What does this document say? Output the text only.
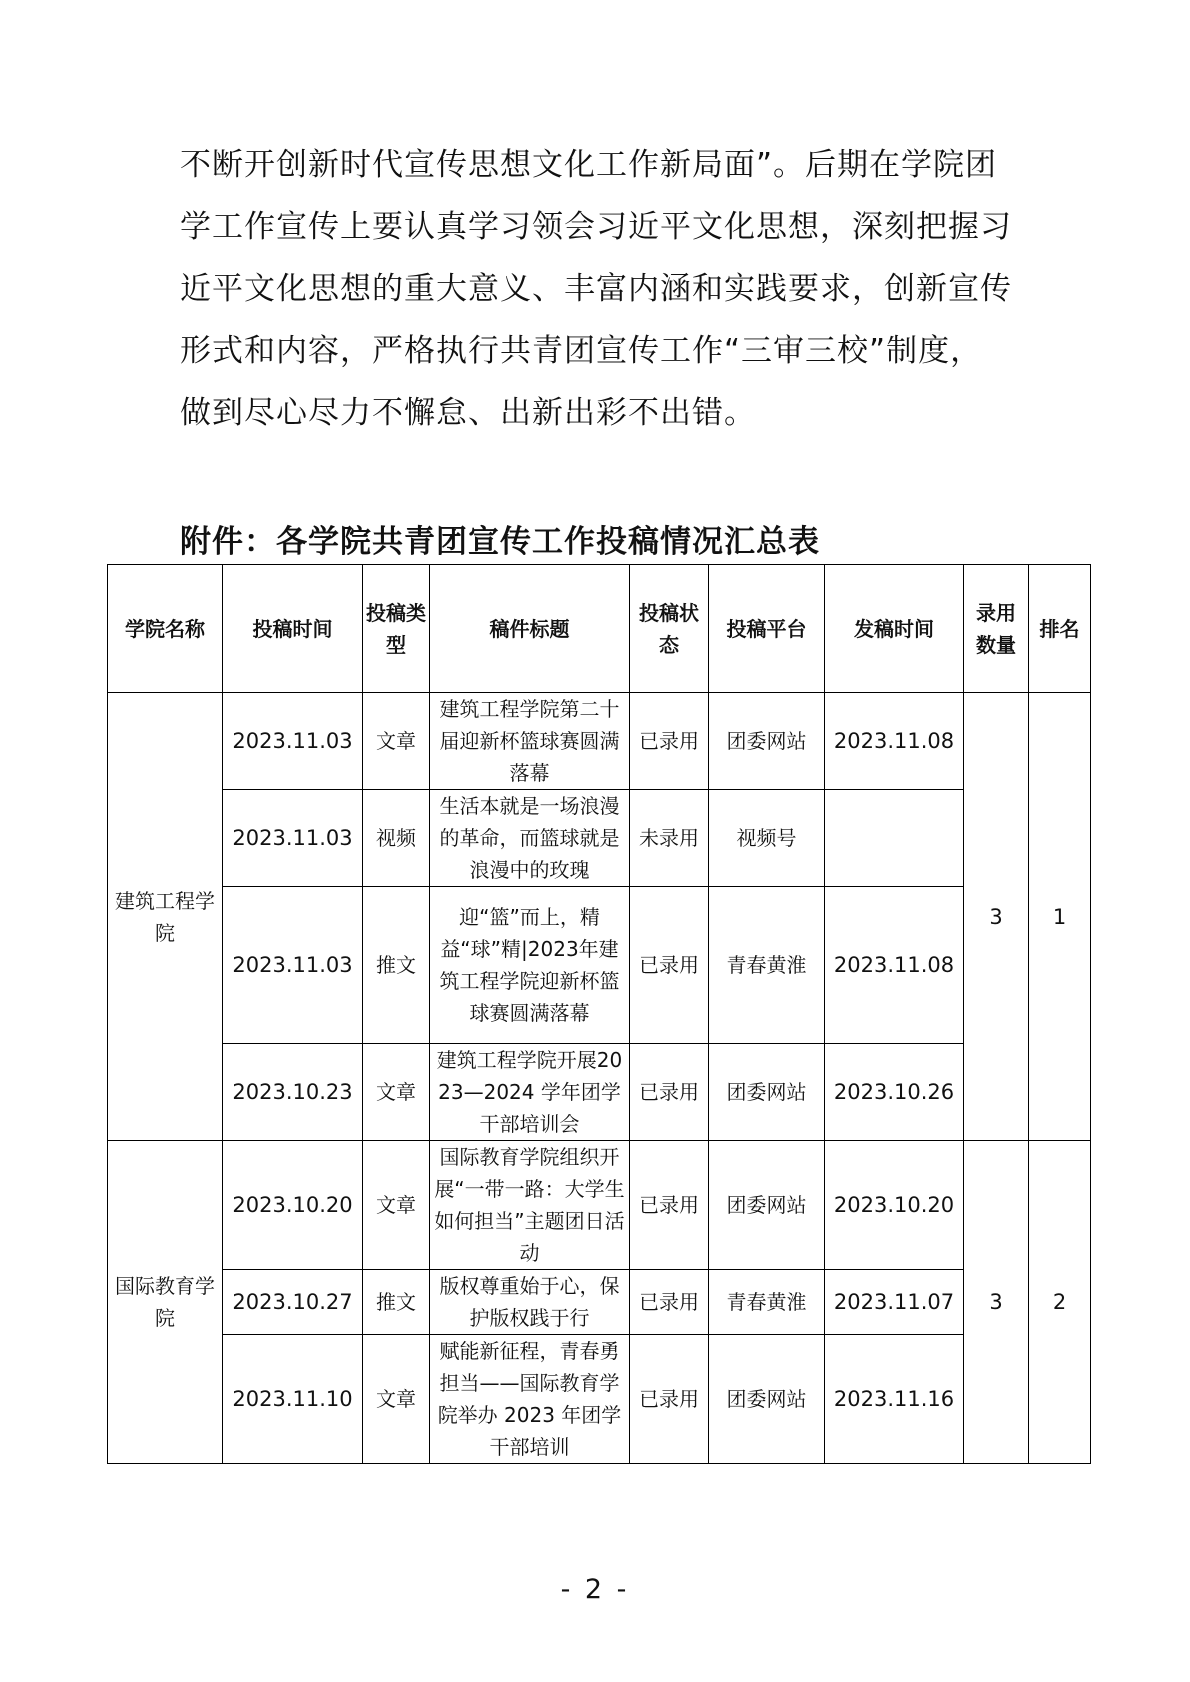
不断开创新时代宣传思想文化工作新局面”。后期在学院团
学工作宣传上要认真学习领会习近平文化思想，深刻把握习
近平文化思想的重大意义、丰富内涵和实践要求，创新宣传
形式和内容，严格执行共青团宣传工作“三审三校”制度，
做到尽心尽力不懈怠、出新出彩不出错。
附件：各学院共青团宣传工作投稿情况汇总表
学院名称	投稿时间	投稿类型	稿件标题	投稿状态	投稿平台	发稿时间	录用数量	排名
建筑工程学院	2023.11.03	文章	建筑工程学院第二十届迎新杯篮球赛圆满落幕	已录用	团委网站	2023.11.08	3	1
	2023.11.03	视频	生活本就是一场浪漫的革命，而篮球就是浪漫中的玫瑰	未录用	视频号			
	2023.11.03	推文	迎“篮”而上，精益“球”精|2023年建筑工程学院迎新杯篮球赛圆满落幕	已录用	青春黄淮	2023.11.08		
	2023.10.23	文章	建筑工程学院开展2023—2024 学年团学干部培训会	已录用	团委网站	2023.10.26		
国际教育学院	2023.10.20	文章	国际教育学院组织开展“一带一路：大学生如何担当”主题团日活动	已录用	团委网站	2023.10.20	3	2
	2023.10.27	推文	版权尊重始于心，保护版权践于行	已录用	青春黄淮	2023.11.07		
	2023.11.10	文章	赋能新征程，青春勇担当——国际教育学院举办 2023 年团学干部培训	已录用	团委网站	2023.11.16		
- 2 -
